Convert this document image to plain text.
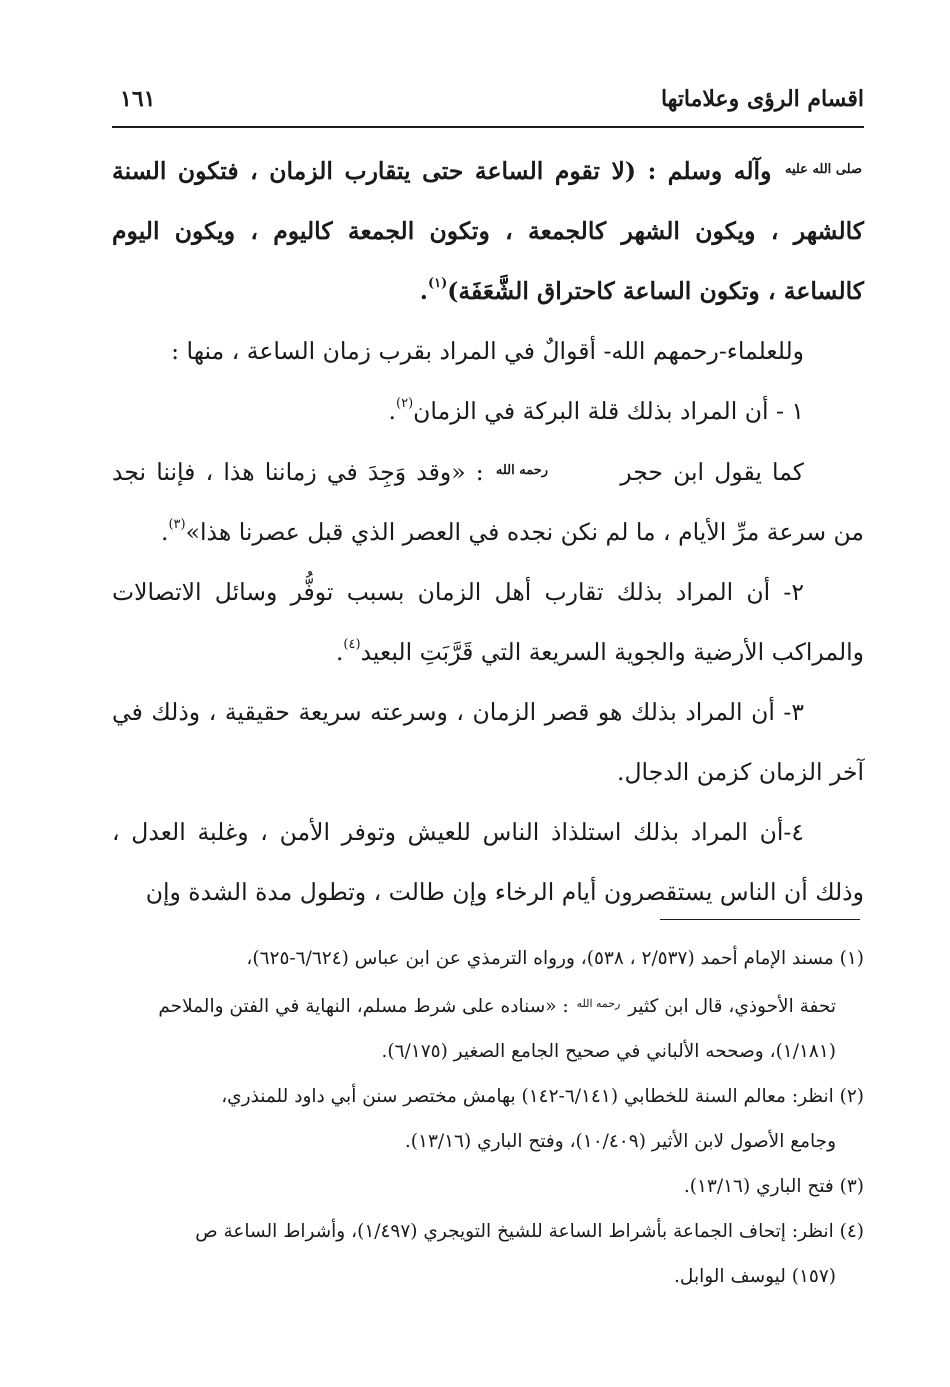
اقسام الرؤى وعلاماتها
١٦١

صلى الله عليه وآله وسلم : (لا تقوم الساعة حتى يتقارب الزمان ، فتكون السنة كالشهر ، ويكون الشهر كالجمعة ، وتكون الجمعة كاليوم ، ويكون اليوم كالساعة ، وتكون الساعة كاحتراق الشَّعَفَة)$^{(١)}$.

وللعلماء-رحمهم الله- أقوالٌ في المراد بقرب زمان الساعة ، منها :

١ - أن المراد بذلك قلة البركة في الزمان$^{(٢)}$.

كما يقول ابن حجر رحمه الله : «وقد وَجِدَ في زماننا هذا ، فإننا نجد من سرعة مرِّ الأيام ، ما لم نكن نجده في العصر الذي قبل عصرنا هذا»$^{(٣)}$.

٢- أن المراد بذلك تقارب أهل الزمان بسبب توفُّر وسائل الاتصالات والمراكب الأرضية والجوية السريعة التي قَرَّبَتِ البعيد$^{(٤)}$.

٣- أن المراد بذلك هو قصر الزمان ، وسرعته سريعة حقيقية ، وذلك في آخر الزمان كزمن الدجال.

٤-أن المراد بذلك استلذاذ الناس للعيش وتوفر الأمن ، وغلبة العدل ، وذلك أن الناس يستقصرون أيام الرخاء وإن طالت ، وتطول مدة الشدة وإن

(١) مسند الإمام أحمد (٢/٥٣٧ ، ٥٣٨)، ورواه الترمذي عن ابن عباس (٦/٦٢٤-٦٢٥)،

تحفة الأحوذي، قال ابن كثير رحمه الله : «سناده على شرط مسلم، النهاية في الفتن والملاحم

(١/١٨١)، وصححه الألباني في صحيح الجامع الصغير (٦/١٧٥).

(٢) انظر: معالم السنة للخطابي (٦/١٤١-١٤٢) بهامش مختصر سنن أبي داود للمنذري،

وجامع الأصول لابن الأثير (١٠/٤٠٩)، وفتح الباري (١٣/١٦).

(٣) فتح الباري (١٣/١٦).

(٤) انظر: إتحاف الجماعة بأشراط الساعة للشيخ التويجري (١/٤٩٧)، وأشراط الساعة ص

(١٥٧) ليوسف الوابل.
